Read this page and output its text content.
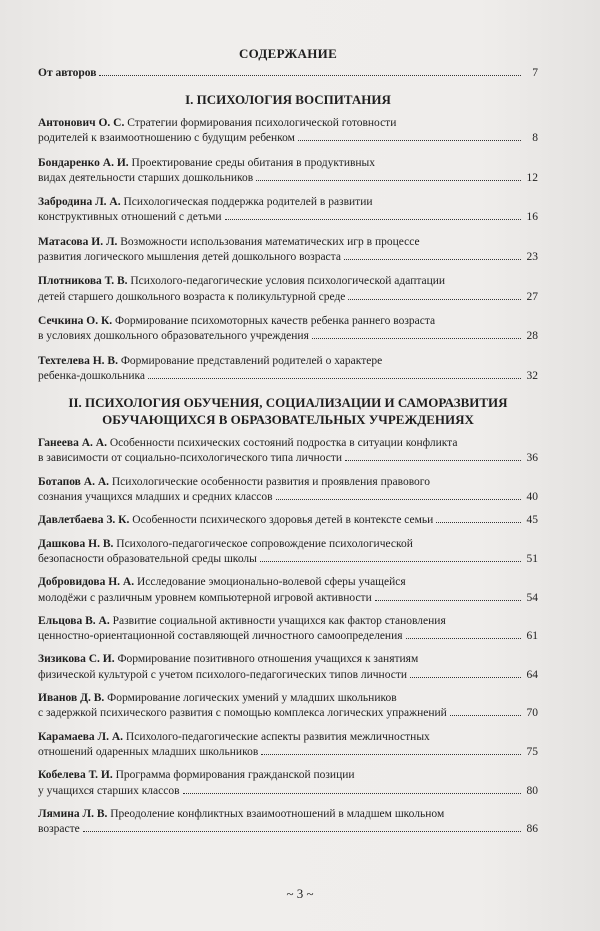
СОДЕРЖАНИЕ
От авторов	7
I. ПСИХОЛОГИЯ ВОСПИТАНИЯ
Антонович О. С. Стратегии формирования психологической готовности
родителей к взаимоотношению с будущим ребенком	8
Бондаренко А. И. Проектирование среды обитания в продуктивных
видах деятельности старших дошкольников	12
Забродина Л. А. Психологическая поддержка родителей в развитии
конструктивных отношений с детьми	16
Матасова И. Л. Возможности использования математических игр в процессе
развития логического мышления детей дошкольного возраста	23
Плотникова Т. В. Психолого-педагогические условия психологической адаптации
детей старшего дошкольного возраста к поликультурной среде	27
Сечкина О. К. Формирование психомоторных качеств ребенка раннего возраста
в условиях дошкольного образовательного учреждения	28
Техтелева Н. В. Формирование представлений родителей о характере
ребенка-дошкольника	32
II. ПСИХОЛОГИЯ ОБУЧЕНИЯ, СОЦИАЛИЗАЦИИ И САМОРАЗВИТИЯ
ОБУЧАЮЩИХСЯ В ОБРАЗОВАТЕЛЬНЫХ УЧРЕЖДЕНИЯХ
Ганеева А. А. Особенности психических состояний подростка в ситуации конфликта
в зависимости от социально-психологического типа личности	36
Ботапов А. А. Психологические особенности развития и проявления правового
сознания учащихся младших и средних классов	40
Давлетбаева З. К. Особенности психического здоровья детей в контексте семьи	45
Дашкова Н. В. Психолого-педагогическое сопровождение психологической
безопасности образовательной среды школы	51
Добровидова Н. А. Исследование эмоционально-волевой сферы учащейся
молодёжи с различным уровнем компьютерной игровой активности	54
Ельцова В. А. Развитие социальной активности учащихся как фактор становления
ценностно-ориентационной составляющей личностного самоопределения	61
Зизикова С. И. Формирование позитивного отношения учащихся к занятиям
физической культурой с учетом психолого-педагогических типов личности	64
Иванов Д. В. Формирование логических умений у младших школьников
с задержкой психического развития с помощью комплекса логических упражнений	70
Карамаева Л. А. Психолого-педагогические аспекты развития межличностных
отношений одаренных младших школьников	75
Кобелева Т. И. Программа формирования гражданской позиции
у учащихся старших классов	80
Лямина Л. В. Преодоление конфликтных взаимоотношений в младшем школьном
возрасте	86
~ 3 ~
